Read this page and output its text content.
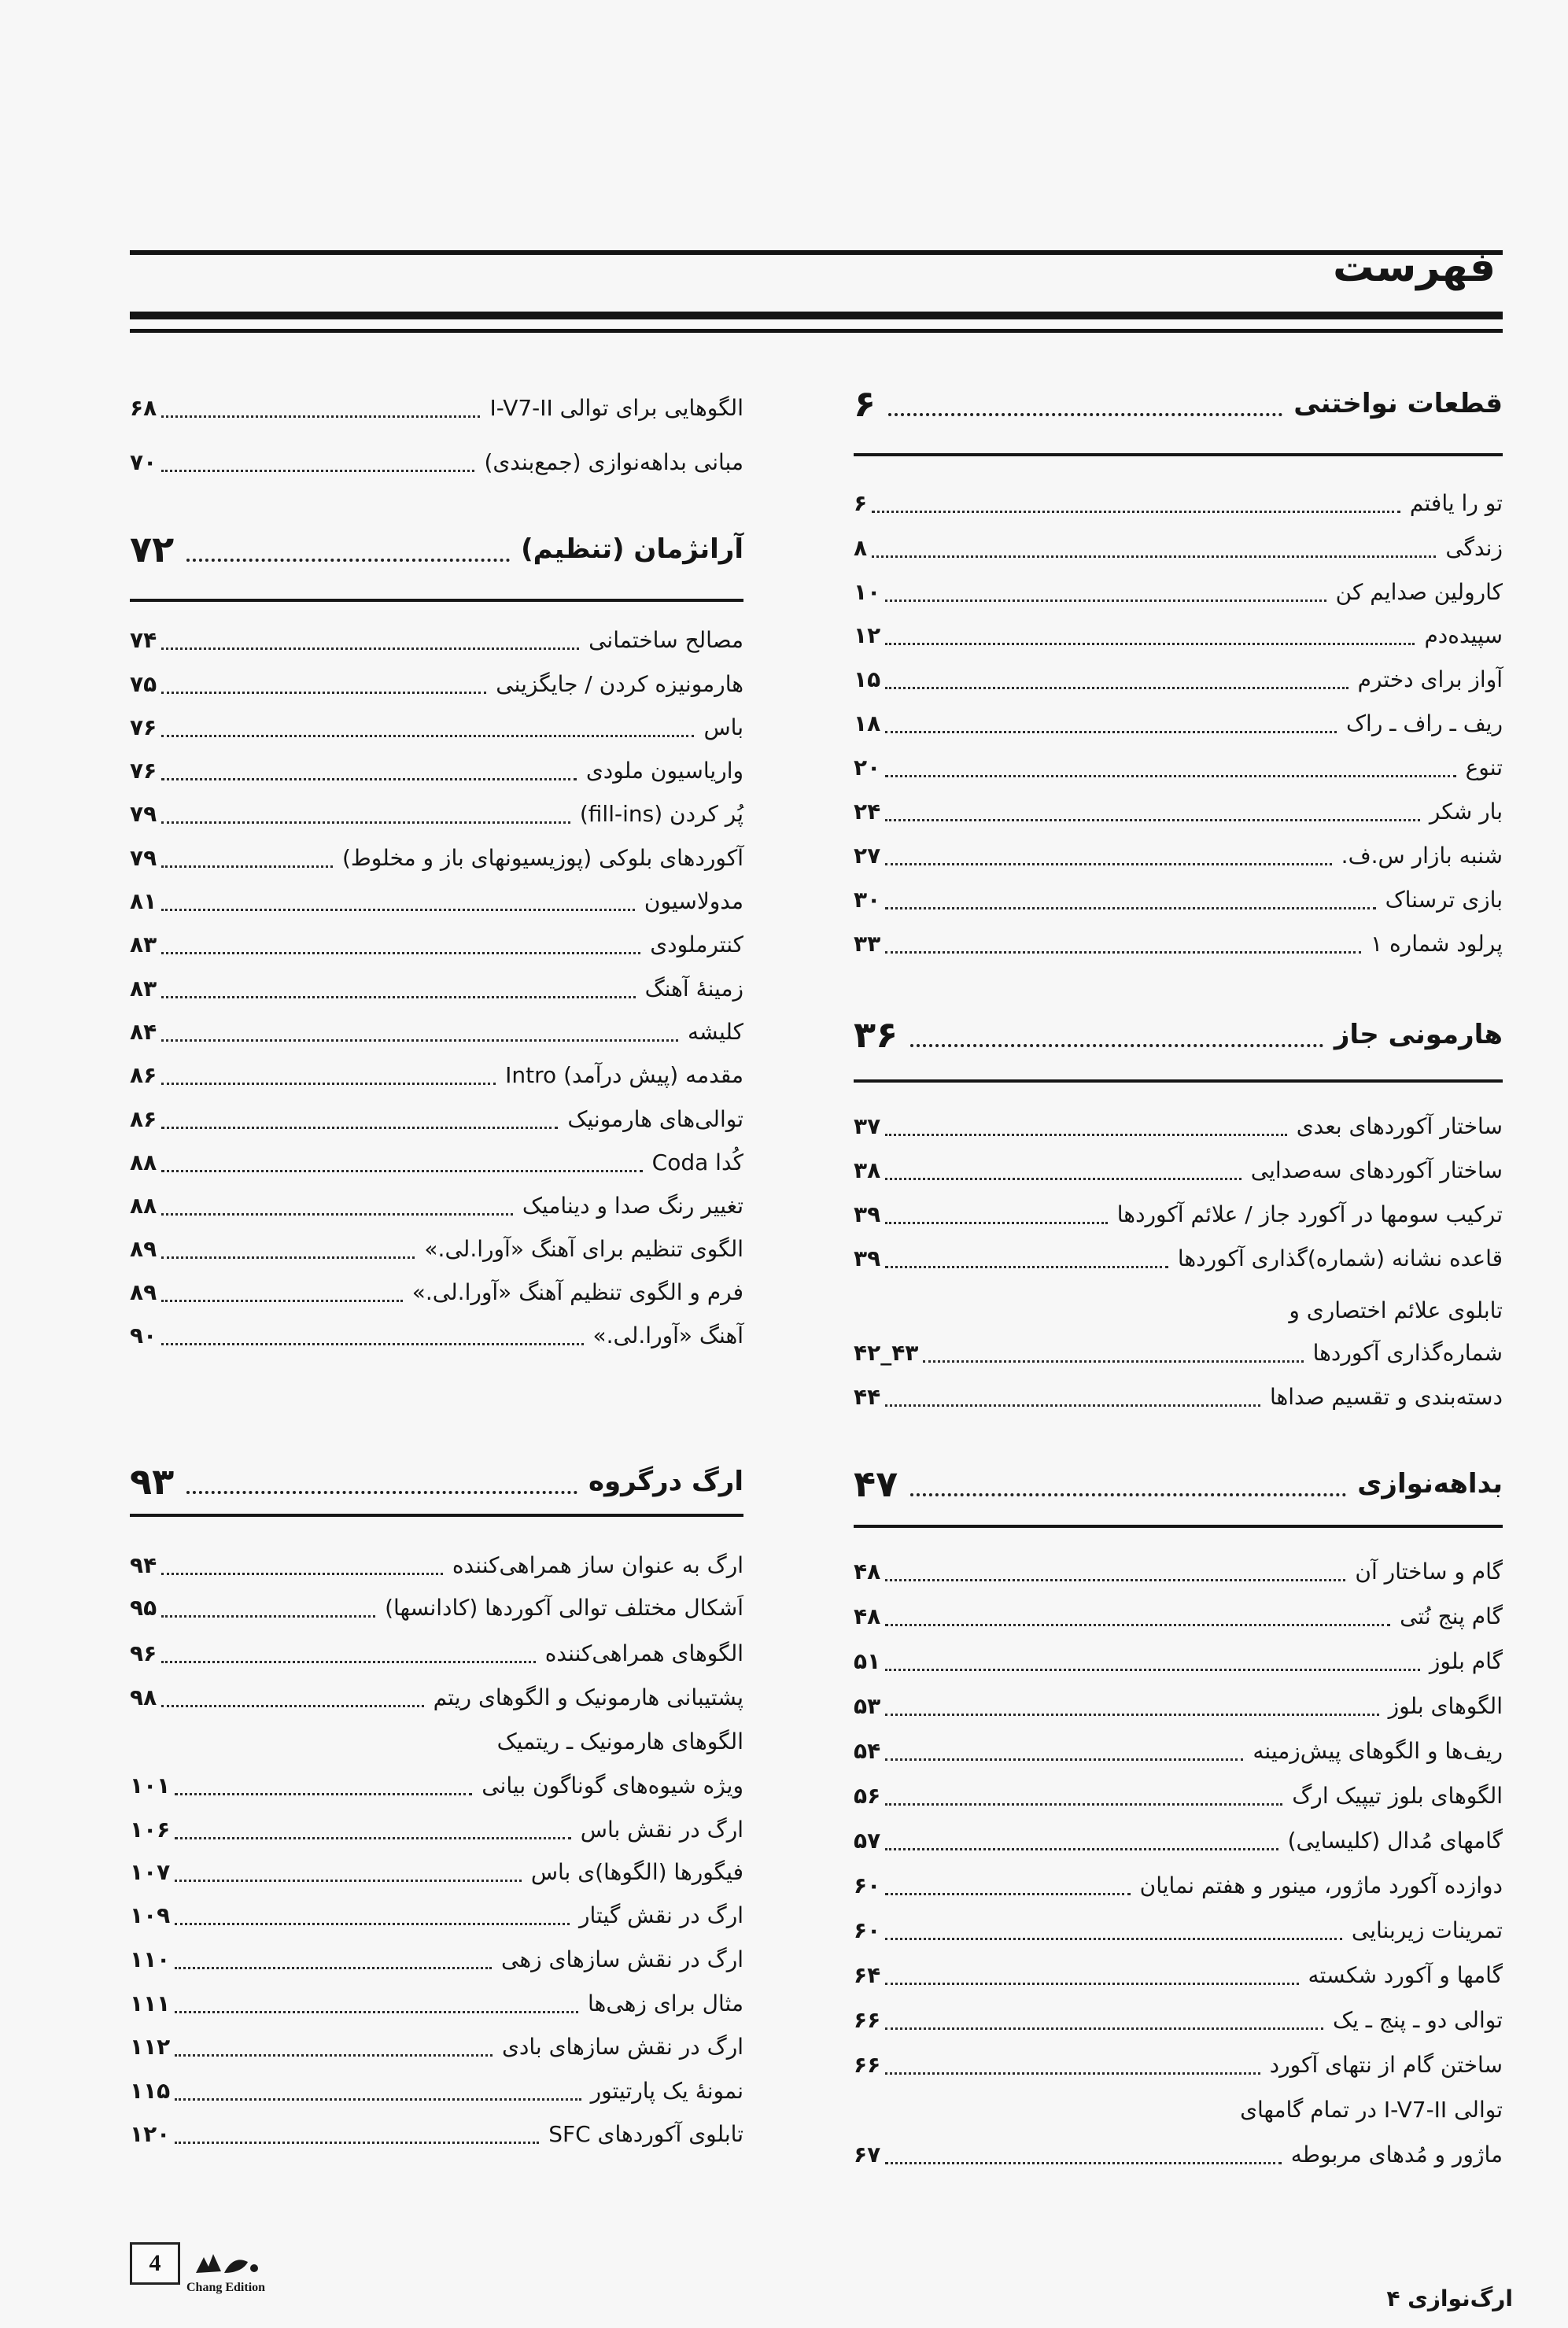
فهرست
قطعات نواختنی
۶
تو را یافتم
۶
زندگی
۸
کارولین صدایم کن
۱۰
سپیده‌دم
۱۲
آواز برای دخترم
۱۵
ریف ـ راف ـ راک
۱۸
تنوع
۲۰
بار شکر
۲۴
شنبه بازار س.ف.
۲۷
بازی ترسناک
۳۰
پرلود شماره ۱
۳۳
هارمونی جاز
۳۶
ساختار آکوردهای بعدی
۳۷
ساختار آکوردهای سه‌صدایی
۳۸
ترکیب سومها در آکورد جاز / علائم آکوردها
۳۹
قاعده نشانه (شماره)گذاری آکوردها
۳۹
تابلوی علائم اختصاری و
شماره‌گذاری آکوردها
۴۳_۴۲
دسته‌بندی و تقسیم صداها
۴۴
بداهه‌نوازی
۴۷
گام و ساختار آن
۴۸
گام پنج نُتی
۴۸
گام بلوز
۵۱
الگوهای بلوز
۵۳
ریف‌ها و الگوهای پیش‌زمینه
۵۴
الگوهای بلوز تیپیک ارگ
۵۶
گامهای مُدال (کلیسایی)
۵۷
دوازده آکورد ماژور، مینور و هفتم نمایان
۶۰
تمرینات زیربنایی
۶۰
گامها و آکورد شکسته
۶۴
توالی دو ـ پنج ـ یک
۶۶
ساختن گام از نتهای آکورد
۶۶
توالی I-V7-II در تمام گامهای
ماژور و مُدهای مربوطه
۶۷
الگوهایی برای توالی I-V7-II
۶۸
مبانی بداهه‌نوازی (جمع‌بندی)
۷۰
آرانژمان (تنظیم)
۷۲
مصالح ساختمانی
۷۴
هارمونیزه کردن / جایگزینی
۷۵
باس
۷۶
واریاسیون ملودی
۷۶
پُر کردن (fill-ins)
۷۹
آکوردهای بلوکی (پوزیسیونهای باز و مخلوط)
۷۹
مدولاسیون
۸۱
کنترملودی
۸۳
زمینهٔ آهنگ
۸۳
کلیشه
۸۴
مقدمه (پیش درآمد) Intro
۸۶
توالی‌های هارمونیک
۸۶
کُدا Coda
۸۸
تغییر رنگ صدا و دینامیک
۸۸
الگوی تنظیم برای آهنگ «آورا.لی.»
۸۹
فرم و الگوی تنظیم آهنگ «آورا.لی.»
۸۹
آهنگ «آورا.لی.»
۹۰
ارگ درگروه
۹۳
ارگ به عنوان ساز همراهی‌کننده
۹۴
اَشکال مختلف توالی آکوردها (کادانسها)
۹۵
الگوهای همراهی‌کننده
۹۶
پشتیبانی هارمونیک و الگوهای ریتم
۹۸
الگوهای هارمونیک ـ ریتمیک
ویژه شیوه‌های گوناگون بیانی
۱۰۱
ارگ در نقش باس
۱۰۶
فیگورها (الگوها)ی باس
۱۰۷
ارگ در نقش گیتار
۱۰۹
ارگ در نقش سازهای زهی
۱۱۰
مثال برای زهی‌ها
۱۱۱
ارگ در نقش سازهای بادی
۱۱۲
نمونهٔ یک پارتیتور
۱۱۵
تابلوی آکوردهای SFC
۱۲۰
4
Chang Edition	ارگ‌نوازی ۴
